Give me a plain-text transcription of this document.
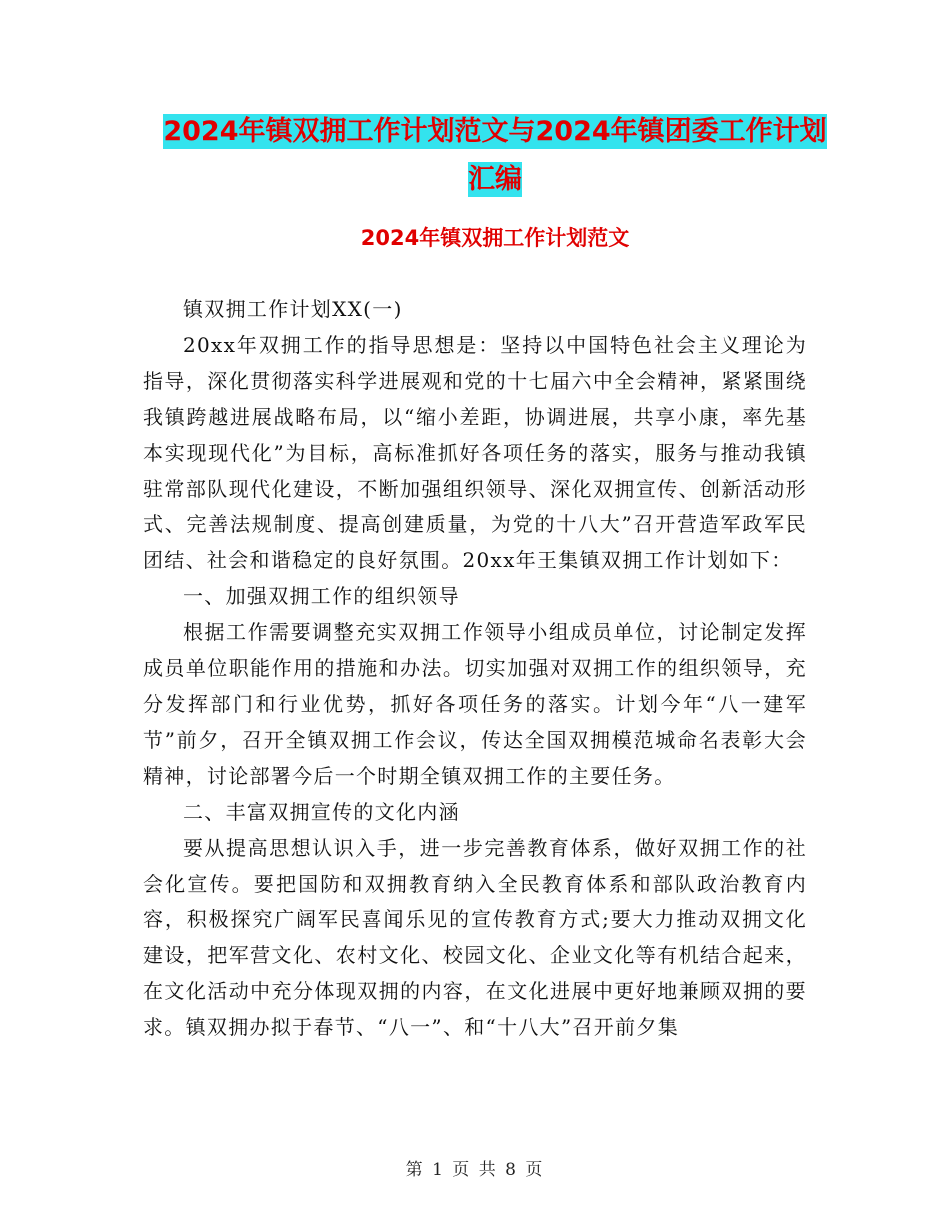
2024年镇双拥工作计划范文与2024年镇团委工作计划
汇编
2024年镇双拥工作计划范文

镇双拥工作计划XX(一)

20xx年双拥工作的指导思想是：坚持以中国特色社会主义理论为指导，深化贯彻落实科学进展观和党的十七届六中全会精神，紧紧围绕我镇跨越进展战略布局，以“缩小差距，协调进展，共享小康，率先基本实现现代化”为目标，高标准抓好各项任务的落实，服务与推动我镇驻常部队现代化建设，不断加强组织领导、深化双拥宣传、创新活动形式、完善法规制度、提高创建质量，为党的十八大”召开营造军政军民团结、社会和谐稳定的良好氛围。20xx年王集镇双拥工作计划如下：

一、加强双拥工作的组织领导

根据工作需要调整充实双拥工作领导小组成员单位，讨论制定发挥成员单位职能作用的措施和办法。切实加强对双拥工作的组织领导，充分发挥部门和行业优势，抓好各项任务的落实。计划今年“八一建军节”前夕，召开全镇双拥工作会议，传达全国双拥模范城命名表彰大会精神，讨论部署今后一个时期全镇双拥工作的主要任务。

二、丰富双拥宣传的文化内涵

要从提高思想认识入手，进一步完善教育体系，做好双拥工作的社会化宣传。要把国防和双拥教育纳入全民教育体系和部队政治教育内容，积极探究广阔军民喜闻乐见的宣传教育方式;要大力推动双拥文化建设，把军营文化、农村文化、校园文化、企业文化等有机结合起来，在文化活动中充分体现双拥的内容，在文化进展中更好地兼顾双拥的要求。镇双拥办拟于春节、“八一”、和“十八大”召开前夕集

第 1 页 共 8 页
